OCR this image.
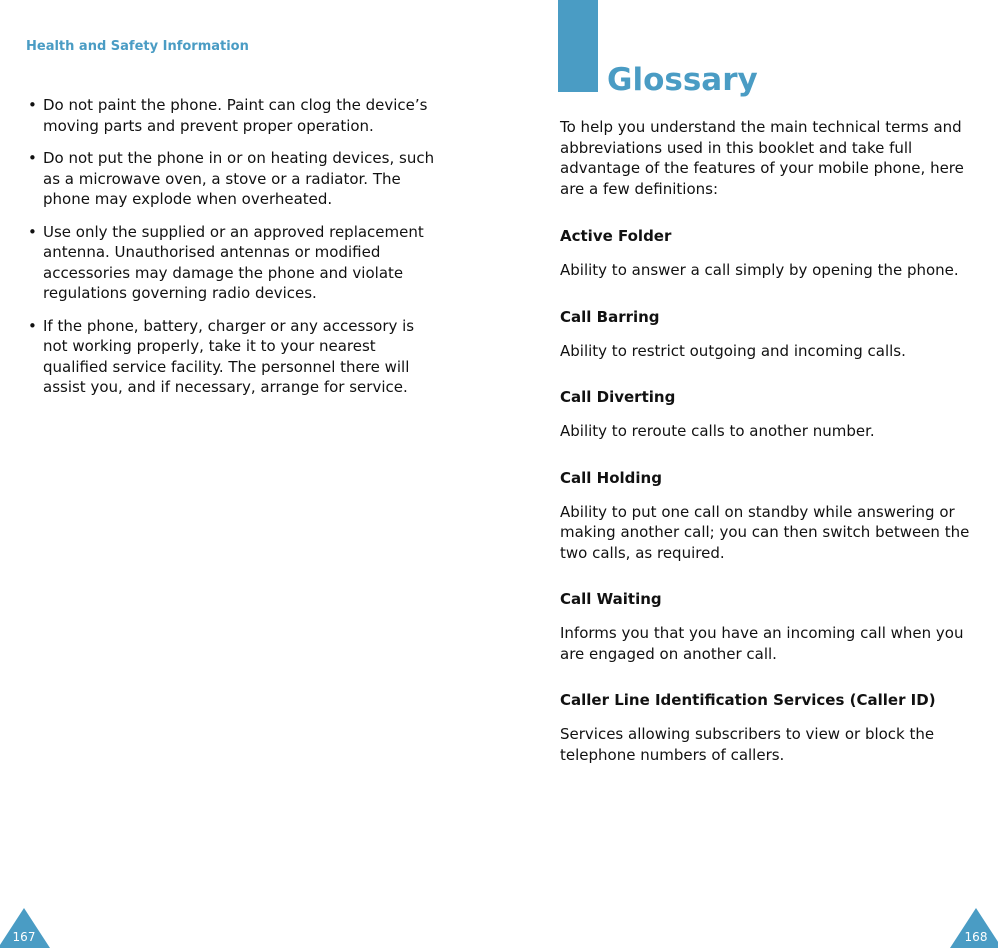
Health and Safety Information
• Do not paint the phone. Paint can clog the device’s moving parts and prevent proper operation.
• Do not put the phone in or on heating devices, such as a microwave oven, a stove or a radiator. The phone may explode when overheated.
• Use only the supplied or an approved replacement antenna. Unauthorised antennas or modified accessories may damage the phone and violate regulations governing radio devices.
• If the phone, battery, charger or any accessory is not working properly, take it to your nearest qualified service facility. The personnel there will assist you, and if necessary, arrange for service.
167
Glossary

To help you understand the main technical terms and abbreviations used in this booklet and take full advantage of the features of your mobile phone, here are a few definitions:

Active Folder

Ability to answer a call simply by opening the phone.

Call Barring

Ability to restrict outgoing and incoming calls.

Call Diverting

Ability to reroute calls to another number.

Call Holding

Ability to put one call on standby while answering or making another call; you can then switch between the two calls, as required.

Call Waiting

Informs you that you have an incoming call when you are engaged on another call.

Caller Line Identification Services (Caller ID)

Services allowing subscribers to view or block the telephone numbers of callers.

168
